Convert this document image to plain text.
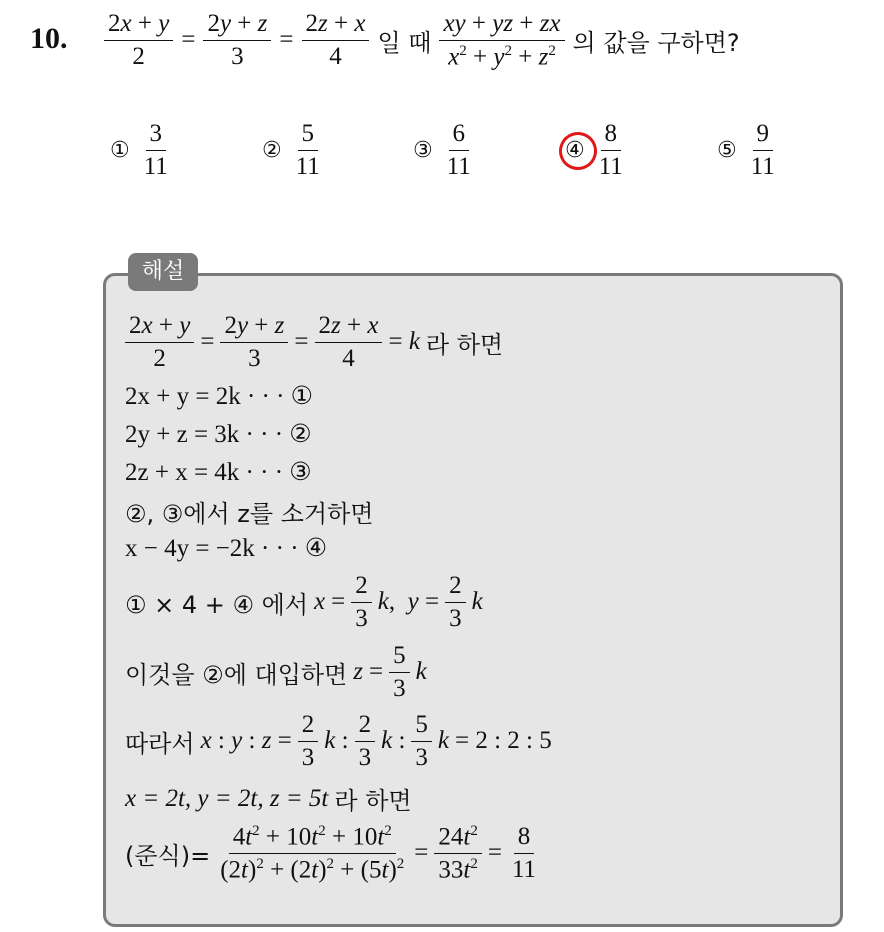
10. $\frac{2x + y}{2} = \frac{2y + z}{3} = \frac{2z + x}{4}$ 일 때 $\frac{xy + yz + zx}{x^2 + y^2 + z^2}$ 의 값을 구하면?
① $\frac{3}{11}$	② $\frac{5}{11}$	③ $\frac{6}{11}$	④ $\frac{8}{11}$	⑤ $\frac{9}{11}$
해설
$\frac{2x + y}{2} = \frac{2y + z}{3} = \frac{2z + x}{4} = k$ 라 하면
2x + y = 2k · · · ①
2y + z = 3k · · · ②
2z + x = 4k · · · ③
②, ③에서 z를 소거하면
x − 4y = −2k · · · ④
① × 4 + ④ 에서 $x = \frac{2}{3} k$,  $y = \frac{2}{3}$ k
이것을 ②에 대입하면 $z = \frac{5}{3}$ k
따라서 x : y : $z = \frac{2}{3}$ k : $\frac{2}{3}$ k : $\frac{5}{3}$ k = 2 : 2 : 5
x = 2t, y = 2t, z = 5t 라 하면
(준식)= $\frac{4t^2 + 10t^2 + 10t^2}{(2t)^2 + (2t)^2 + (5t)^2} = \frac{24t^2}{33t^2} = \frac{8}{11}$
